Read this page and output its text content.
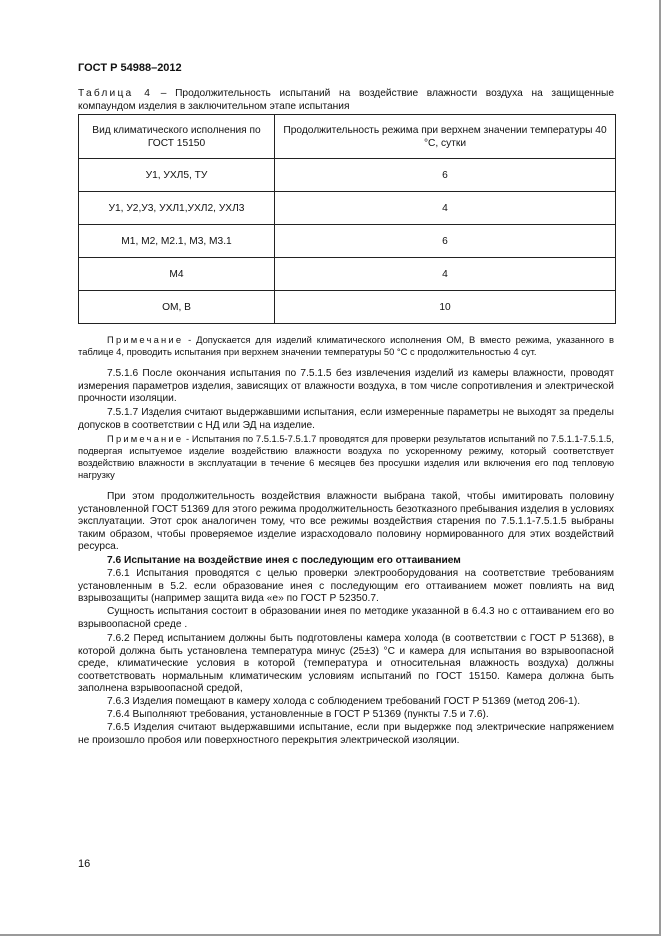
ГОСТ Р 54988–2012
Таблица 4 – Продолжительность испытаний на воздействие влажности воздуха на защищенные компаундом изделия в заключительном этапе испытания
Вид климатического исполнения по ГОСТ 15150	Продолжительность режима при верхнем значении температуры 40 °С, сутки
У1, УХЛ5, ТУ	6
У1, У2,У3, УХЛ1,УХЛ2, УХЛ3	4
М1, М2, М2.1, М3, М3.1	6
М4	4
ОМ, В	10
Примечание - Допускается для изделий климатического исполнения ОМ, В вместо режима, указанного в таблице 4, проводить испытания при верхнем значении температуры 50 °С с продолжительностью 4 сут.
7.5.1.6 После окончания испытания по 7.5.1.5 без извлечения изделий из камеры влажности, проводят измерения параметров изделия, зависящих от влажности воздуха, в том числе сопротивления и электрической прочности изоляции.
7.5.1.7 Изделия считают выдержавшими испытания, если измеренные параметры не выходят за пределы допусков в соответствии с НД или ЭД на изделие.
Примечание - Испытания по 7.5.1.5-7.5.1.7 проводятся для проверки результатов испытаний по 7.5.1.1-7.5.1.5, подвергая испытуемое изделие воздействию влажности воздуха по ускоренному режиму, который соответствует воздействию влажности в эксплуатации в течение 6 месяцев без просушки изделия или включения его под тепловую нагрузку
При этом продолжительность воздействия влажности выбрана такой, чтобы имитировать половину установленной ГОСТ 51369 для этого режима продолжительность безотказного пребывания изделия в условиях эксплуатации. Этот срок аналогичен тому, что все режимы воздействия старения по 7.5.1.1-7.5.1.5 выбраны таким образом, чтобы проверяемое изделие израсходовало половину нормированного для этих воздействий ресурса.
7.6 Испытание на воздействие инея с последующим его оттаиванием
7.6.1 Испытания проводятся с целью проверки электрооборудования на соответствие требованиям установленным в 5.2. если образование инея с последующим его оттаиванием может повлиять на вид взрывозащиты (например защита вида «е» по ГОСТ Р 52350.7.
Сущность испытания состоит в образовании инея по методике указанной в 6.4.3 но с оттаиванием его во взрывоопасной среде .
7.6.2 Перед испытанием должны быть подготовлены камера холода (в соответствии с ГОСТ Р 51368), в которой должна быть установлена температура минус (25±3) °С и камера для испытания во взрывоопасной среде, климатические условия в которой (температура и относительная влажность воздуха) должны соответствовать нормальным климатическим условиям испытаний по ГОСТ 15150. Камера должна быть заполнена взрывоопасной средой,
7.6.3 Изделия помещают в камеру холода с соблюдением требований ГОСТ Р 51369 (метод 206-1).
7.6.4 Выполняют требования, установленные в ГОСТ Р 51369 (пункты 7.5 и 7.6).
7.6.5 Изделия считают выдержавшими испытание, если при выдержке под электрические напряжением не произошло пробоя или поверхностного перекрытия электрической изоляции.
16
